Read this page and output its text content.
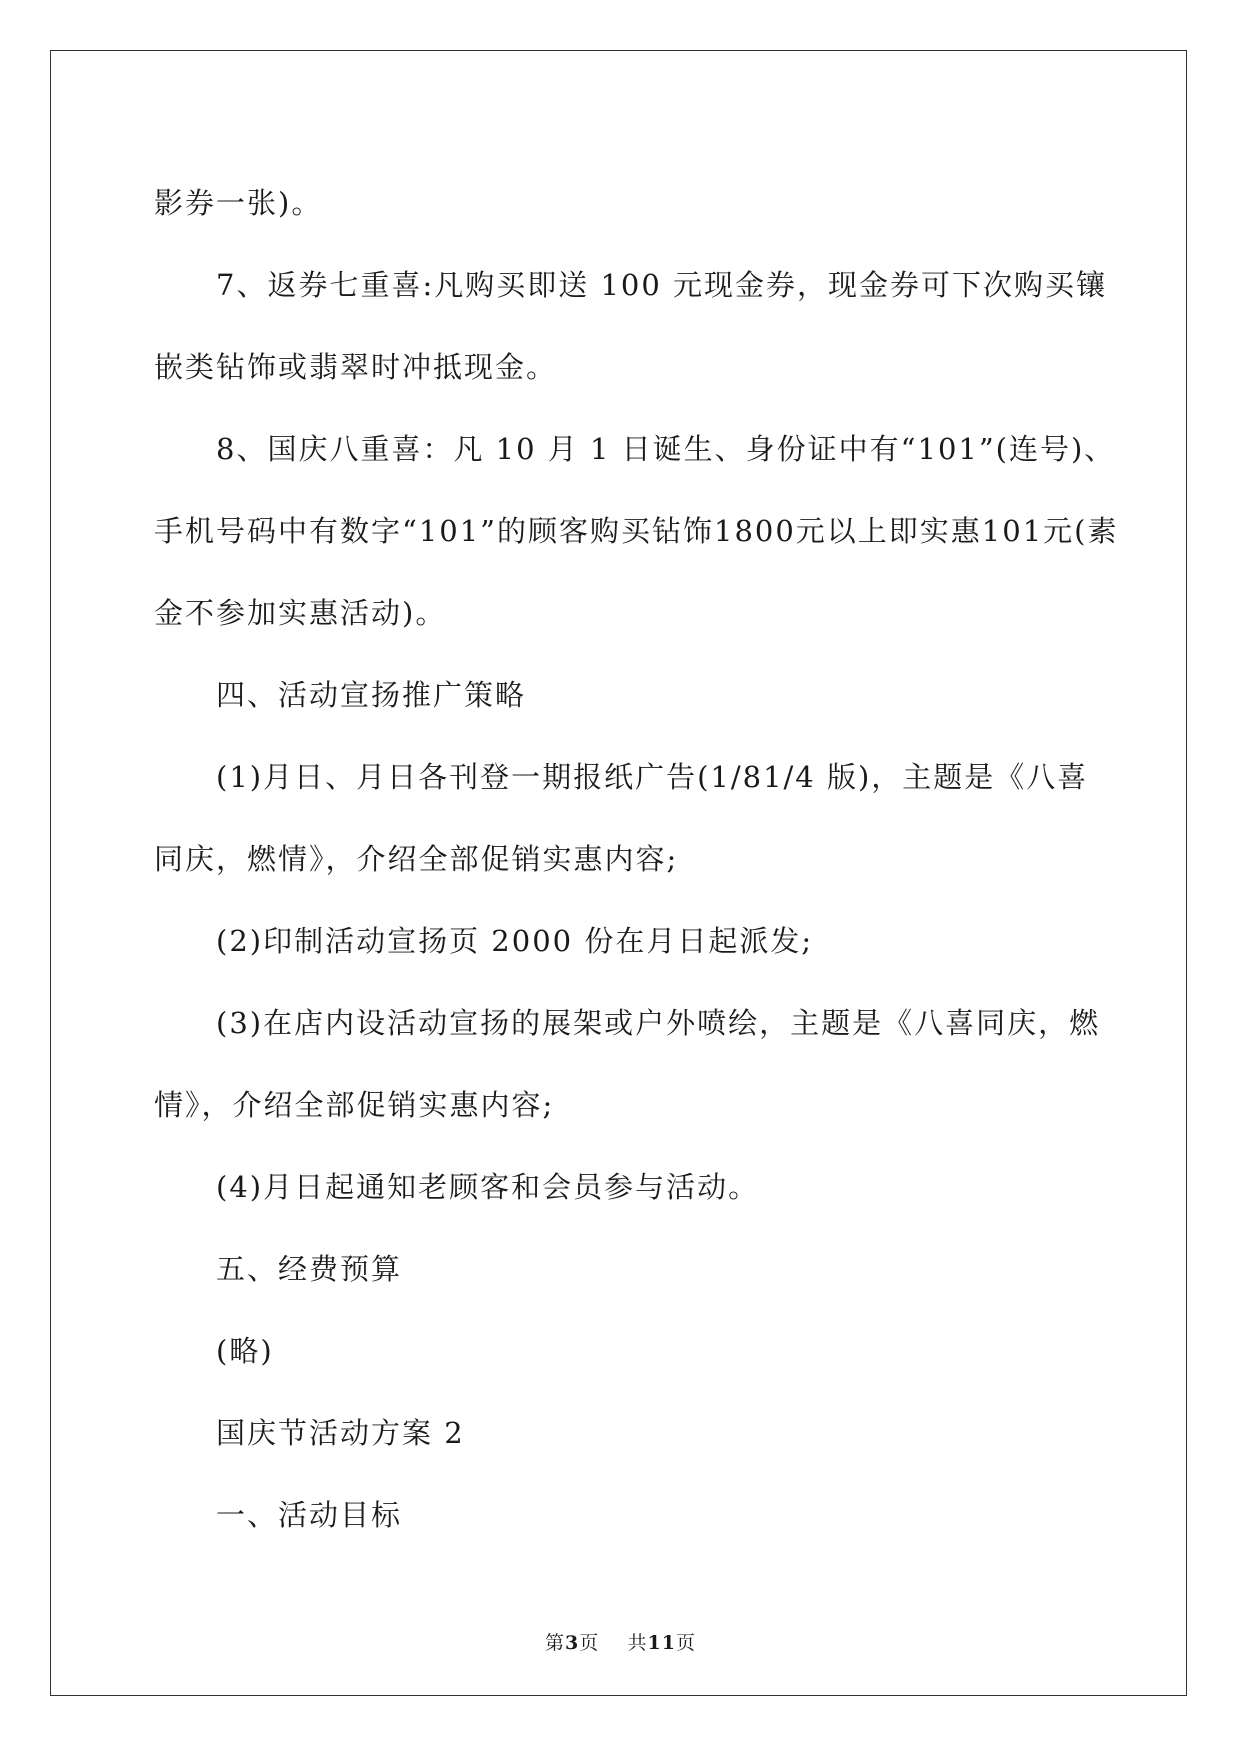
影券一张)。

7、返券七重喜:凡购买即送 100 元现金券，现金券可下次购买镶

嵌类钻饰或翡翠时冲抵现金。

8、国庆八重喜：凡 10 月 1 日诞生、身份证中有“101”(连号)、

手机号码中有数字“101”的顾客购买钻饰1800元以上即实惠101元(素

金不参加实惠活动)。

四、活动宣扬推广策略

(1)月日、月日各刊登一期报纸广告(1/81/4 版)，主题是《八喜

同庆，燃情》，介绍全部促销实惠内容;

(2)印制活动宣扬页 2000 份在月日起派发;

(3)在店内设活动宣扬的展架或户外喷绘，主题是《八喜同庆，燃

情》，介绍全部促销实惠内容;

(4)月日起通知老顾客和会员参与活动。

五、经费预算

(略)

国庆节活动方案 2

一、活动目标

第3页 共11页
